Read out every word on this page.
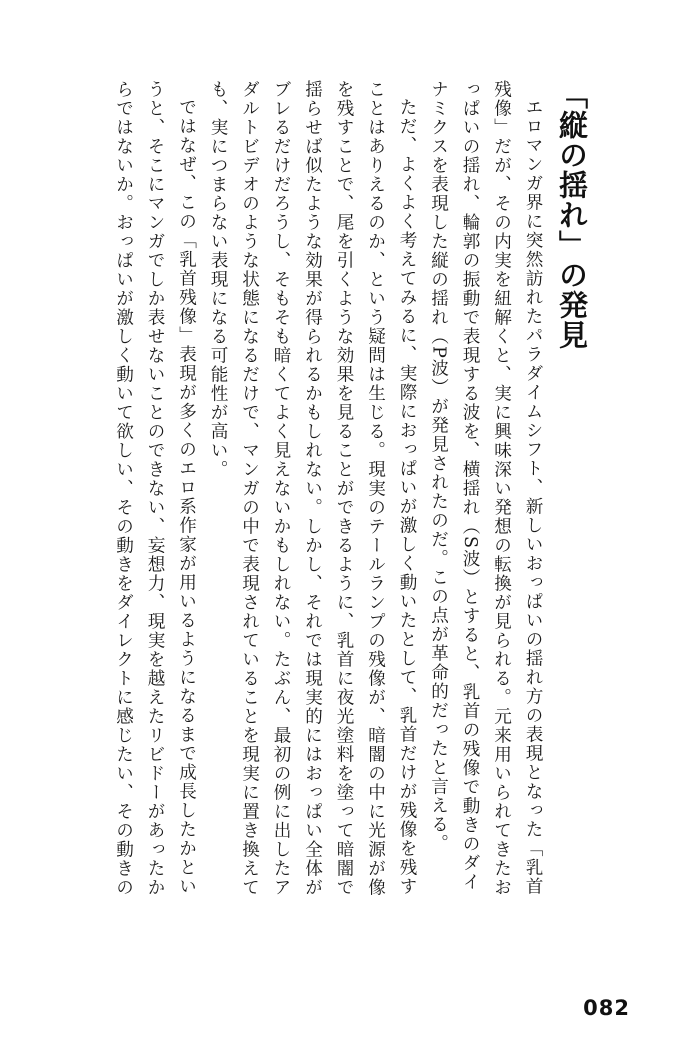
「縦の揺れ」の発見

エロマンガ界に突然訪れたパラダイムシフト、新しいおっぱいの揺れ方の表現となった「乳首残像」だが、その内実を紐解くと、実に興味深い発想の転換が見られる。元来用いられてきたおっぱいの揺れ、輪郭の振動で表現する波を、横揺れ（S波）とすると、乳首の残像で動きのダイナミクスを表現した縦の揺れ（P波）が発見されたのだ。この点が革命的だったと言える。

ただ、よくよく考えてみるに、実際におっぱいが激しく動いたとして、乳首だけが残像を残すことはありえるのか、という疑問は生じる。現実のテールランプの残像が、暗闇の中に光源が像を残すことで、尾を引くような効果を見ることができるように、乳首に夜光塗料を塗って暗闇で揺らせば似たような効果が得られるかもしれない。しかし、それでは現実的にはおっぱい全体がブレるだけだろうし、そもそも暗くてよく見えないかもしれない。たぶん、最初の例に出したアダルトビデオのような状態になるだけで、マンガの中で表現されていることを現実に置き換えても、実につまらない表現になる可能性が高い。

ではなぜ、この「乳首残像」表現が多くのエロ系作家が用いるようになるまで成長したかというと、そこにマンガでしか表せないことのできない、妄想力、現実を越えたリビドーがあったからではないか。おっぱいが激しく動いて欲しい、その動きをダイレクトに感じたい、その動きの

082
